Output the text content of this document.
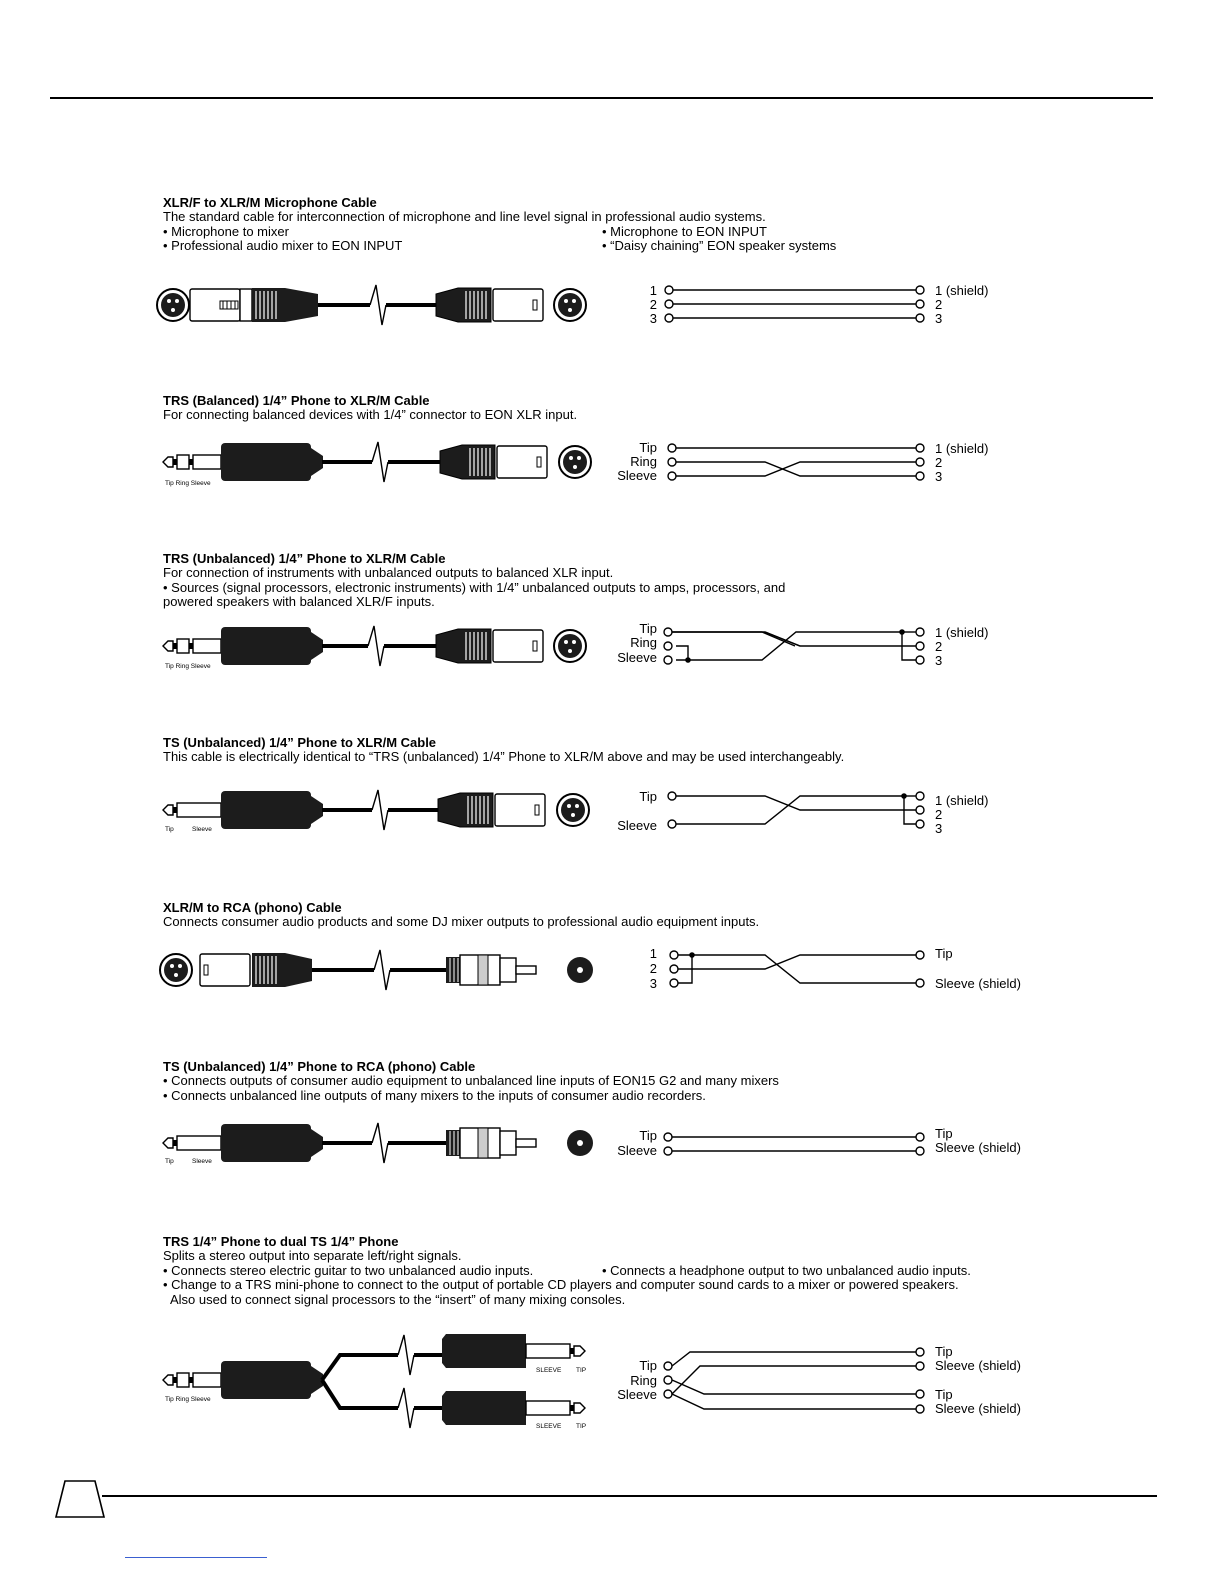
XLR/F to XLR/M Microphone Cable
The standard cable for interconnection of microphone and line level signal in professional audio systems.
• Microphone to mixer	• Microphone to EON INPUT
• Professional audio mixer to EON INPUT	• “Daisy chaining” EON speaker systems
1
2
3
1 (shield)
2
3
TRS (Balanced) 1/4” Phone to XLR/M Cable
For connecting balanced devices with 1/4” connector to EON XLR input.
Tip Ring Sleeve
Tip
Ring
Sleeve
1 (shield)
2
3
TRS (Unbalanced) 1/4” Phone to XLR/M Cable
For connection of instruments with unbalanced outputs to balanced XLR input.
• Sources (signal processors, electronic instruments) with 1/4” unbalanced outputs to amps, processors, and
powered speakers with balanced XLR/F inputs.
Tip Ring Sleeve
Tip
Ring
Sleeve
1 (shield)
2
3
TS (Unbalanced) 1/4” Phone to XLR/M Cable
This cable is electrically identical to “TRS (unbalanced) 1/4” Phone to XLR/M above and may be used interchangeably.
Tip	Sleeve
Tip
Sleeve
1 (shield)
2
3
XLR/M to RCA (phono) Cable
Connects consumer audio products and some DJ mixer outputs to professional audio equipment inputs.
1
2
3
Tip
Sleeve (shield)
TS (Unbalanced) 1/4” Phone to RCA (phono) Cable
• Connects outputs of consumer audio equipment to unbalanced line inputs of EON15 G2 and many mixers
• Connects unbalanced line outputs of many mixers to the inputs of consumer audio recorders.
Tip	Sleeve
Tip
Sleeve
Tip
Sleeve (shield)
TRS 1/4” Phone to dual TS 1/4” Phone
Splits a stereo output into separate left/right signals.
• Connects stereo electric guitar to two unbalanced audio inputs.	• Connects a headphone output to two unbalanced audio inputs.
• Change to a TRS mini-phone to connect to the output of portable CD players and computer sound cards to a mixer or powered speakers.
Also used to connect signal processors to the “insert” of many mixing consoles.
Tip Ring Sleeve
SLEEVE TIP
SLEEVE TIP
Tip
Ring
Sleeve
Tip
Sleeve (shield)
Tip
Sleeve (shield)
